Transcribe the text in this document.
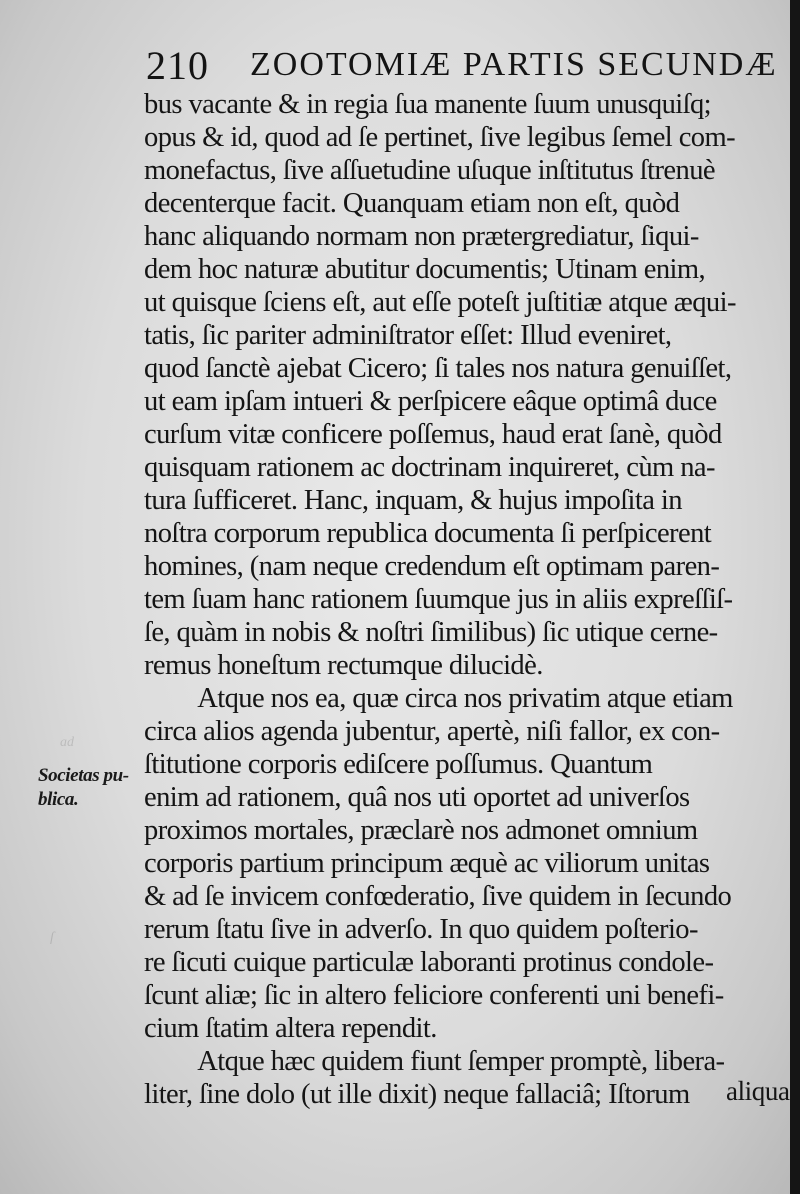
ad
ſ
210 ZOOTOMIÆ PARTIS SECUNDÆ
Societas pu-
blica.
bus vacante & in regia ſua manente ſuum unusquiſq;
opus & id, quod ad ſe pertinet, ſive legibus ſemel com-
monefactus, ſive aſſuetudine uſuque inſtitutus ſtrenuè
decenterque facit. Quanquam etiam non eſt, quòd
hanc aliquando normam non prætergrediatur, ſiqui-
dem hoc naturæ abutitur documentis; Utinam enim,
ut quisque ſciens eſt, aut eſſe poteſt juſtitiæ atque æqui-
tatis, ſic pariter adminiſtrator eſſet: Illud eveniret,
quod ſanctè ajebat Cicero; ſi tales nos natura genuiſſet,
ut eam ipſam intueri & perſpicere eâque optimâ duce
curſum vitæ conficere poſſemus, haud erat ſanè, quòd
quisquam rationem ac doctrinam inquireret, cùm na-
tura ſufficeret. Hanc, inquam, & hujus impoſita in
noſtra corporum republica documenta ſi perſpicerent
homines, (nam neque credendum eſt optimam paren-
tem ſuam hanc rationem ſuumque jus in aliis expreſſiſ-
ſe, quàm in nobis & noſtri ſimilibus) ſic utique cerne-
remus honeſtum rectumque dilucidè.
Atque nos ea, quæ circa nos privatim atque etiam
circa alios agenda jubentur, apertè, niſi fallor, ex con-
ſtitutione corporis ediſcere poſſumus. Quantum
enim ad rationem, quâ nos uti oportet ad univerſos
proximos mortales, præclarè nos admonet omnium
corporis partium principum æquè ac viliorum unitas
& ad ſe invicem confœderatio, ſive quidem in ſecundo
rerum ſtatu ſive in adverſo. In quo quidem poſterio-
re ſicuti cuique particulæ laboranti protinus condole-
ſcunt aliæ; ſic in altero feliciore conferenti uni benefi-
cium ſtatim altera rependit.
Atque hæc quidem fiunt ſemper promptè, libera-
liter, ſine dolo (ut ille dixit) neque fallaciâ; Iſtorum	aliqua
